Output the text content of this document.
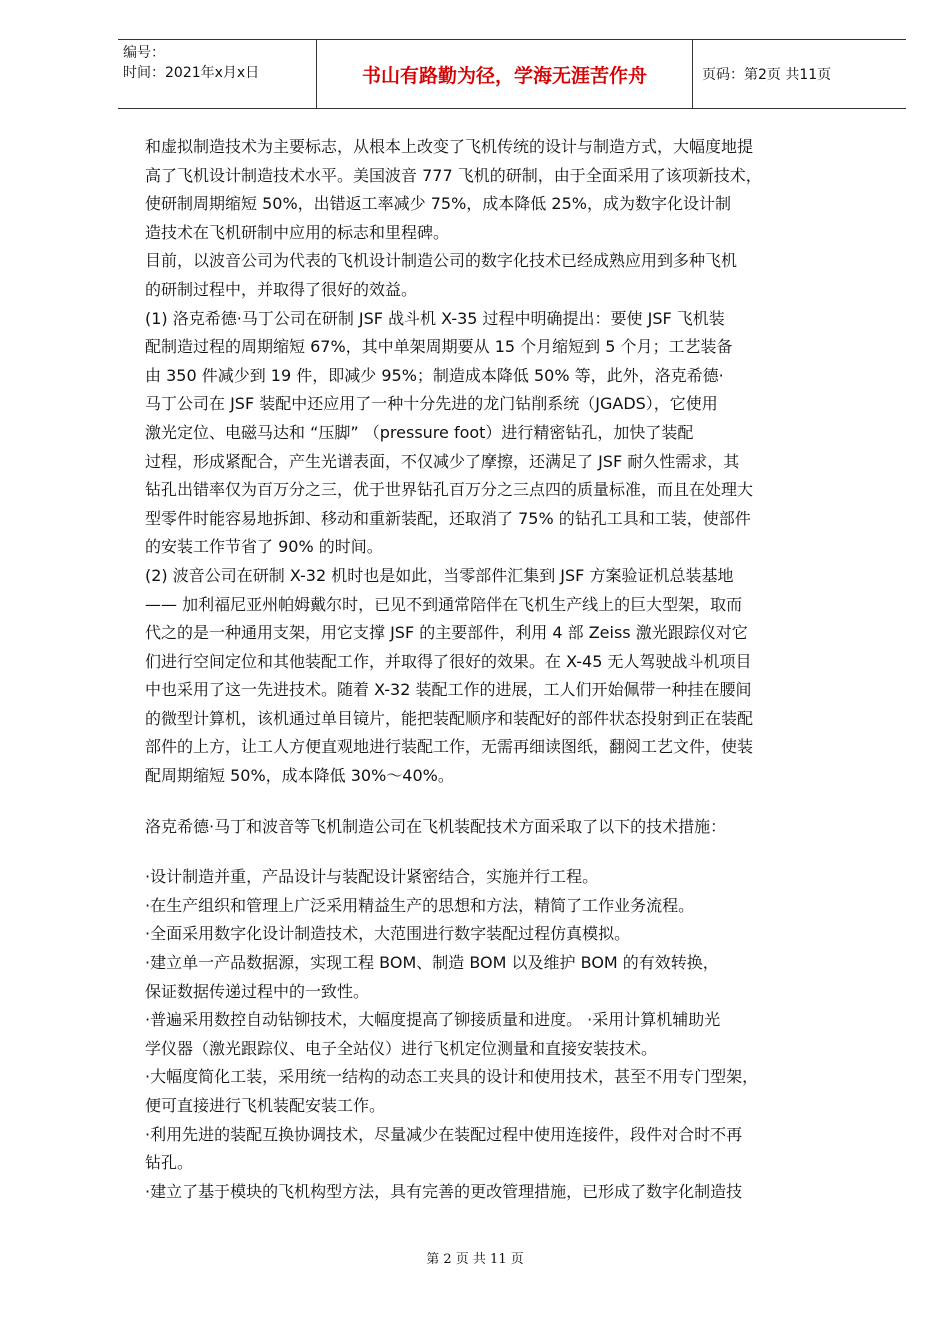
编号：
时间：2021年x月x日	书山有路勤为径，学海无涯苦作舟	页码：第2页 共11页

和虚拟制造技术为主要标志，从根本上改变了飞机传统的设计与制造方式，大幅度地提

高了飞机设计制造技术水平。美国波音 777 飞机的研制，由于全面采用了该项新技术，

使研制周期缩短 50%，出错返工率减少 75%，成本降低 25%，成为数字化设计制

造技术在飞机研制中应用的标志和里程碑。

目前，以波音公司为代表的飞机设计制造公司的数字化技术已经成熟应用到多种飞机

的研制过程中，并取得了很好的效益。

(1) 洛克希德·马丁公司在研制 JSF 战斗机 X-35 过程中明确提出：要使 JSF 飞机装

配制造过程的周期缩短 67%，其中单架周期要从 15 个月缩短到 5 个月；工艺装备

由 350 件减少到 19 件，即减少 95%；制造成本降低 50% 等，此外，洛克希德·

马丁公司在 JSF 装配中还应用了一种十分先进的龙门钻削系统（JGADS），它使用

激光定位、电磁马达和 “压脚” （pressure foot）进行精密钻孔，加快了装配

过程，形成紧配合，产生光谱表面，不仅减少了摩擦，还满足了 JSF 耐久性需求，其

钻孔出错率仅为百万分之三，优于世界钻孔百万分之三点四的质量标准，而且在处理大

型零件时能容易地拆卸、移动和重新装配，还取消了 75% 的钻孔工具和工装，使部件

的安装工作节省了 90% 的时间。

(2) 波音公司在研制 X-32 机时也是如此，当零部件汇集到 JSF 方案验证机总装基地

—— 加利福尼亚州帕姆戴尔时，已见不到通常陪伴在飞机生产线上的巨大型架，取而

代之的是一种通用支架，用它支撑 JSF 的主要部件，利用 4 部 Zeiss 激光跟踪仪对它

们进行空间定位和其他装配工作，并取得了很好的效果。在 X-45 无人驾驶战斗机项目

中也采用了这一先进技术。随着 X-32 装配工作的进展，工人们开始佩带一种挂在腰间

的微型计算机，该机通过单目镜片，能把装配顺序和装配好的部件状态投射到正在装配

部件的上方，让工人方便直观地进行装配工作，无需再细读图纸，翻阅工艺文件，使装

配周期缩短 50%，成本降低 30%～40%。

洛克希德·马丁和波音等飞机制造公司在飞机装配技术方面采取了以下的技术措施：

·设计制造并重，产品设计与装配设计紧密结合，实施并行工程。

·在生产组织和管理上广泛采用精益生产的思想和方法，精简了工作业务流程。

·全面采用数字化设计制造技术，大范围进行数字装配过程仿真模拟。

·建立单一产品数据源，实现工程 BOM、制造 BOM 以及维护 BOM 的有效转换，

保证数据传递过程中的一致性。

·普遍采用数控自动钻铆技术，大幅度提高了铆接质量和进度。 ·采用计算机辅助光

学仪器（激光跟踪仪、电子全站仪）进行飞机定位测量和直接安装技术。

·大幅度简化工装，采用统一结构的动态工夹具的设计和使用技术，甚至不用专门型架，

便可直接进行飞机装配安装工作。

·利用先进的装配互换协调技术，尽量减少在装配过程中使用连接件，段件对合时不再

钻孔。

·建立了基于模块的飞机构型方法，具有完善的更改管理措施，已形成了数字化制造技

第 2 页 共 11 页
